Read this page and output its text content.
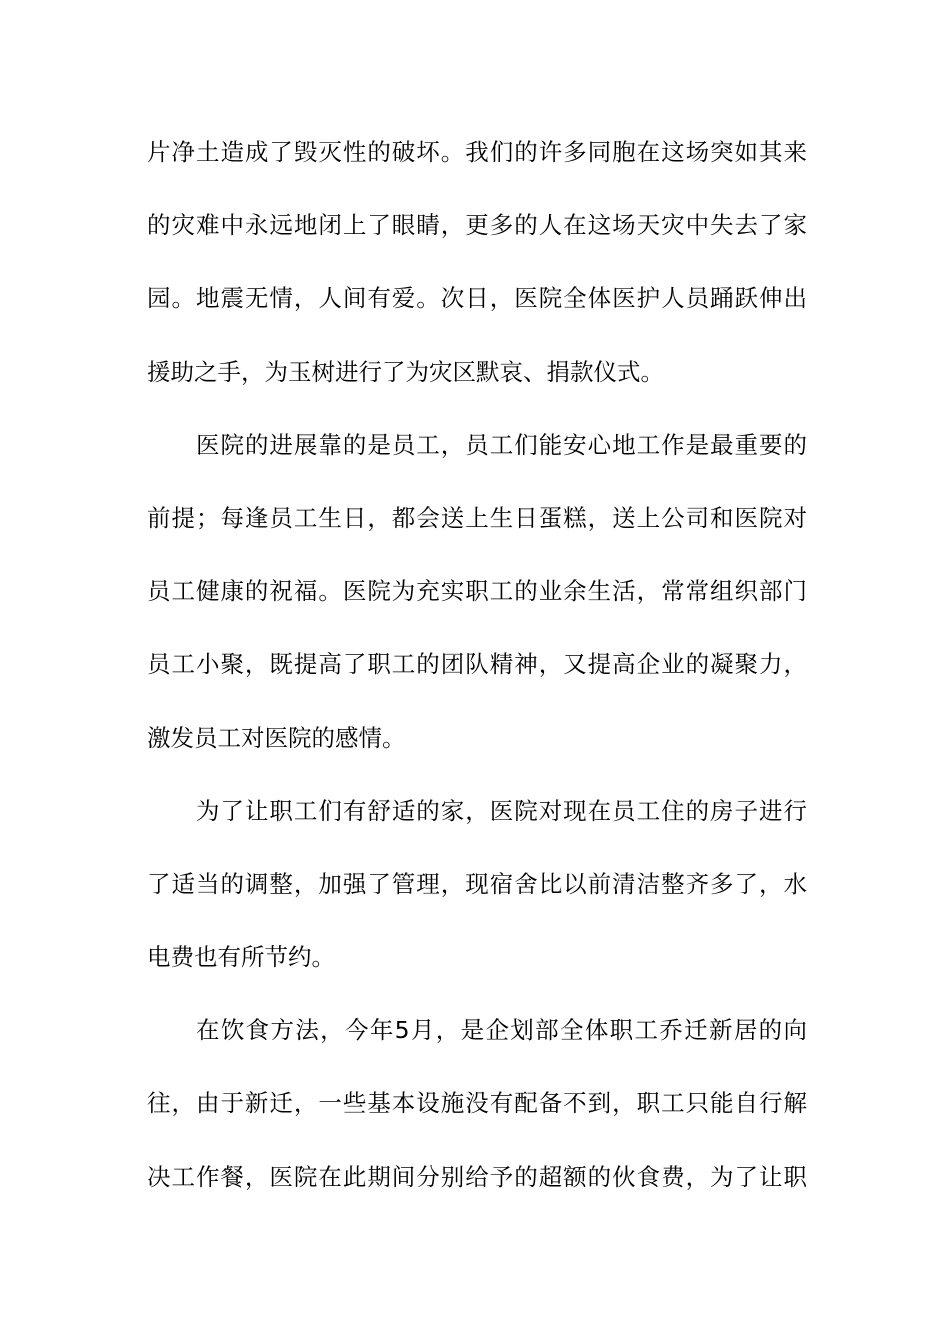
片净土造成了毁灭性的破坏。我们的许多同胞在这场突如其来
的灾难中永远地闭上了眼睛，更多的人在这场天灾中失去了家
园。地震无情，人间有爱。次日，医院全体医护人员踊跃伸出
援助之手，为玉树进行了为灾区默哀、捐款仪式。
医院的进展靠的是员工，员工们能安心地工作是最重要的
前提；每逢员工生日，都会送上生日蛋糕，送上公司和医院对
员工健康的祝福。医院为充实职工的业余生活，常常组织部门
员工小聚，既提高了职工的团队精神，又提高企业的凝聚力，
激发员工对医院的感情。
为了让职工们有舒适的家，医院对现在员工住的房子进行
了适当的调整，加强了管理，现宿舍比以前清洁整齐多了，水
电费也有所节约。
在饮食方法，今年5月，是企划部全体职工乔迁新居的向
往，由于新迁，一些基本设施没有配备不到，职工只能自行解
决工作餐，医院在此期间分别给予的超额的伙食费，为了让职
